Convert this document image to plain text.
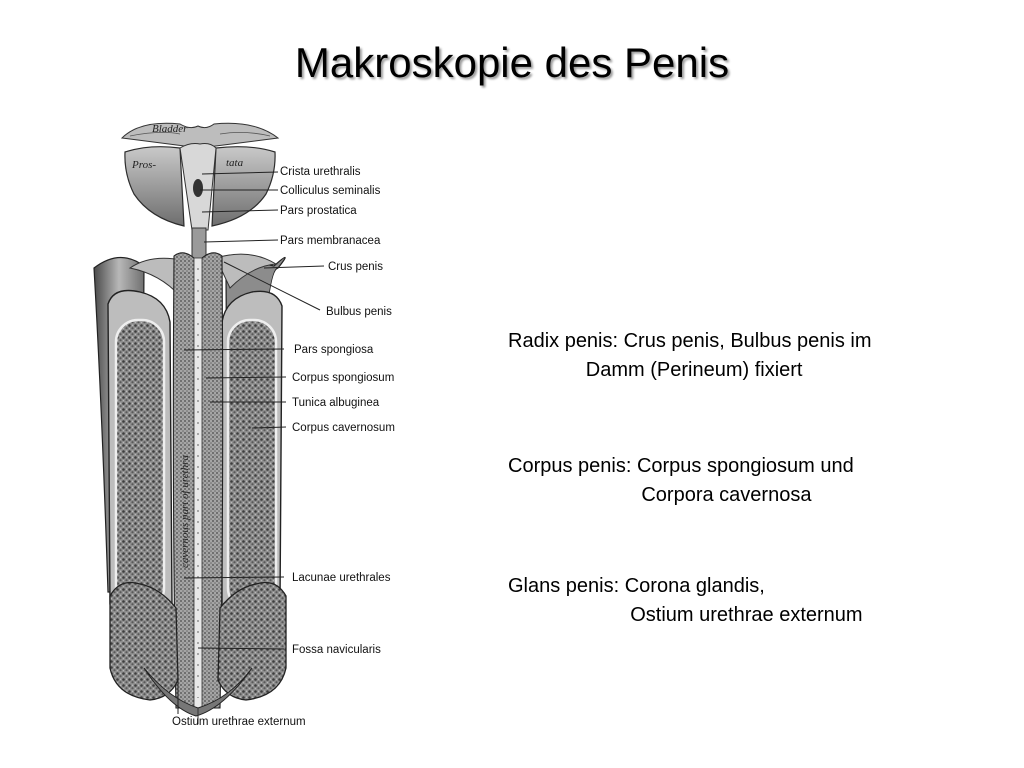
Makroskopie des Penis
Bladder
Pros-	tata
cavernous part of urethra
Crista urethralis
Colliculus seminalis
Pars prostatica
Pars membranacea
Crus penis
Bulbus penis
Pars spongiosa
Corpus spongiosum
Tunica albuginea
Corpus cavernosum
Lacunae urethrales
Fossa navicularis
Ostium urethrae externum
Radix penis: Crus penis, Bulbus penis im
Damm (Perineum) fixiert
Corpus penis: Corpus spongiosum und
Corpora cavernosa
Glans penis: Corona glandis,
Ostium urethrae externum
